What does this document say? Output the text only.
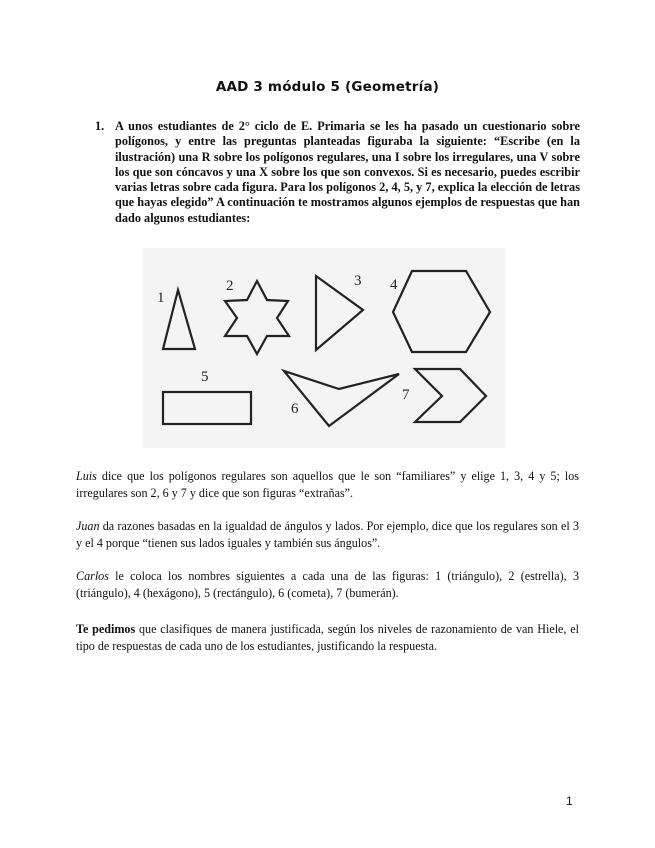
AAD 3 módulo 5 (Geometría)
1. A unos estudiantes de 2° ciclo de E. Primaria se les ha pasado un cuestionario sobre polígonos, y entre las preguntas planteadas figuraba la siguiente: “Escribe (en la ilustración) una R sobre los polígonos regulares, una I sobre los irregulares, una V sobre los que son cóncavos y una X sobre los que son convexos. Si es necesario, puedes escribir varias letras sobre cada figura. Para los polígonos 2, 4, 5, y 7, explica la elección de letras que hayas elegido” A continuación te mostramos algunos ejemplos de respuestas que han dado algunos estudiantes:
1
2	3 4
5
6
7
Luis dice que los polígonos regulares son aquellos que le son “familiares” y elige 1, 3, 4 y 5; los irregulares son 2, 6 y 7 y dice que son figuras “extrañas”.
Juan da razones basadas en la igualdad de ángulos y lados. Por ejemplo, dice que los regulares son el 3 y el 4 porque “tienen sus lados iguales y también sus ángulos”.
Carlos le coloca los nombres siguientes a cada una de las figuras: 1 (triángulo), 2 (estrella), 3 (triángulo), 4 (hexágono), 5 (rectángulo), 6 (cometa), 7 (bumerán).
Te pedimos que clasifiques de manera justificada, según los niveles de razonamiento de van Hiele, el tipo de respuestas de cada uno de los estudiantes, justificando la respuesta.
1
